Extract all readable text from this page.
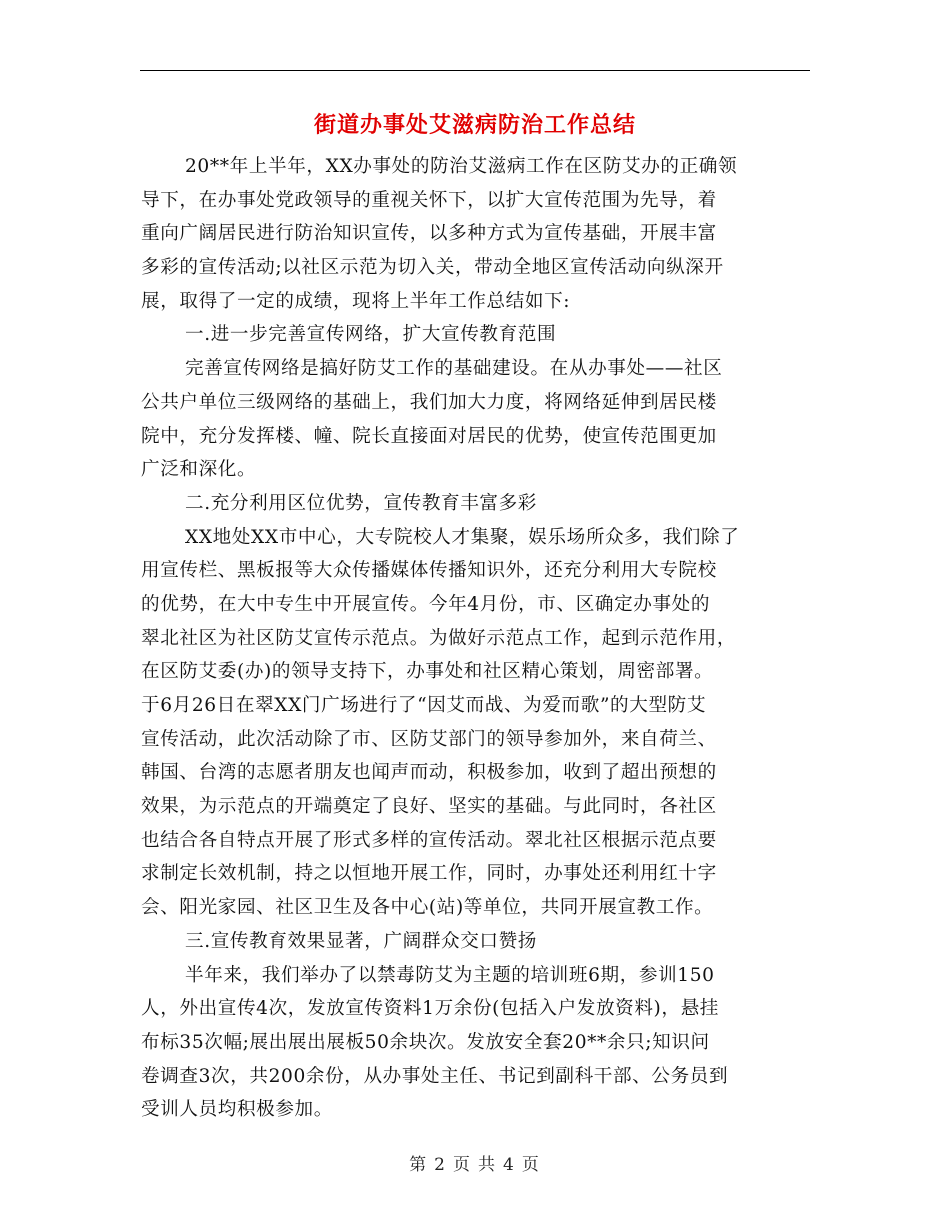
街道办事处艾滋病防治工作总结
20**年上半年，XX办事处的防治艾滋病工作在区防艾办的正确领
导下，在办事处党政领导的重视关怀下，以扩大宣传范围为先导，着
重向广阔居民进行防治知识宣传，以多种方式为宣传基础，开展丰富
多彩的宣传活动;以社区示范为切入关，带动全地区宣传活动向纵深开
展，取得了一定的成绩，现将上半年工作总结如下:
一.进一步完善宣传网络，扩大宣传教育范围
完善宣传网络是搞好防艾工作的基础建设。在从办事处——社区
公共户单位三级网络的基础上，我们加大力度，将网络延伸到居民楼
院中，充分发挥楼、幢、院长直接面对居民的优势，使宣传范围更加
广泛和深化。
二.充分利用区位优势，宣传教育丰富多彩
XX地处XX市中心，大专院校人才集聚，娱乐场所众多，我们除了
用宣传栏、黑板报等大众传播媒体传播知识外，还充分利用大专院校
的优势，在大中专生中开展宣传。今年4月份，市、区确定办事处的
翠北社区为社区防艾宣传示范点。为做好示范点工作，起到示范作用，
在区防艾委(办)的领导支持下，办事处和社区精心策划，周密部署。
于6月26日在翠XX门广场进行了“因艾而战、为爱而歌”的大型防艾
宣传活动，此次活动除了市、区防艾部门的领导参加外，来自荷兰、
韩国、台湾的志愿者朋友也闻声而动，积极参加，收到了超出预想的
效果，为示范点的开端奠定了良好、坚实的基础。与此同时，各社区
也结合各自特点开展了形式多样的宣传活动。翠北社区根据示范点要
求制定长效机制，持之以恒地开展工作，同时，办事处还利用红十字
会、阳光家园、社区卫生及各中心(站)等单位，共同开展宣教工作。
三.宣传教育效果显著，广阔群众交口赞扬
半年来，我们举办了以禁毒防艾为主题的培训班6期，参训150
人，外出宣传4次，发放宣传资料1万余份(包括入户发放资料)，悬挂
布标35次幅;展出展出展板50余块次。发放安全套20**余只;知识问
卷调查3次，共200余份，从办事处主任、书记到副科干部、公务员到
受训人员均积极参加。
第 2 页 共 4 页
